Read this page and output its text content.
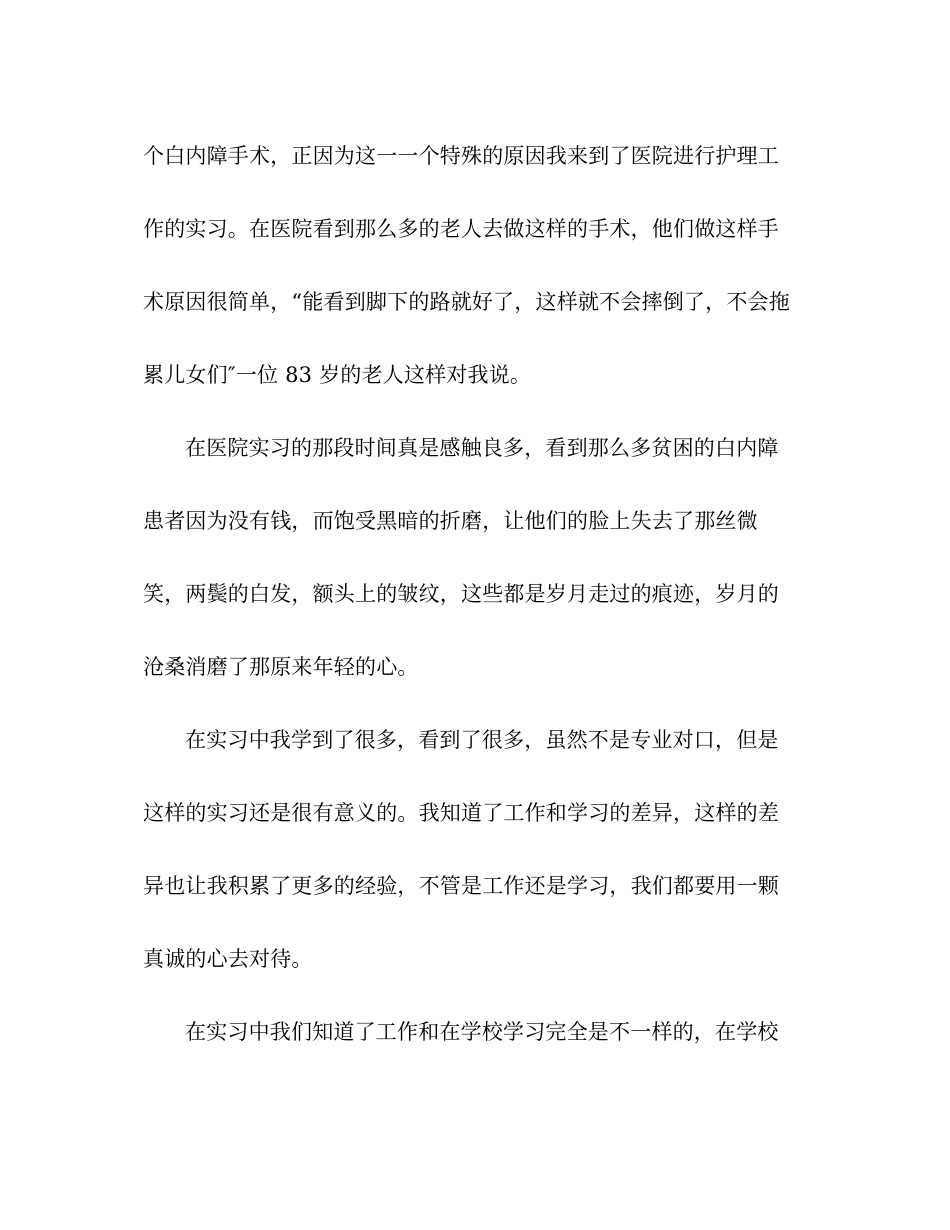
个白内障手术，正因为这一一个特殊的原因我来到了医院进行护理工
作的实习。在医院看到那么多的老人去做这样的手术，他们做这样手
术原因很简单，“能看到脚下的路就好了，这样就不会摔倒了，不会拖
累儿女们″一位 83 岁的老人这样对我说。
在医院实习的那段时间真是感触良多，看到那么多贫困的白内障
患者因为没有钱，而饱受黑暗的折磨，让他们的脸上失去了那丝微
笑，两鬓的白发，额头上的皱纹，这些都是岁月走过的痕迹，岁月的
沧桑消磨了那原来年轻的心。
在实习中我学到了很多，看到了很多，虽然不是专业对口，但是
这样的实习还是很有意义的。我知道了工作和学习的差异，这样的差
异也让我积累了更多的经验，不管是工作还是学习，我们都要用一颗
真诚的心去对待。
在实习中我们知道了工作和在学校学习完全是不一样的，在学校
